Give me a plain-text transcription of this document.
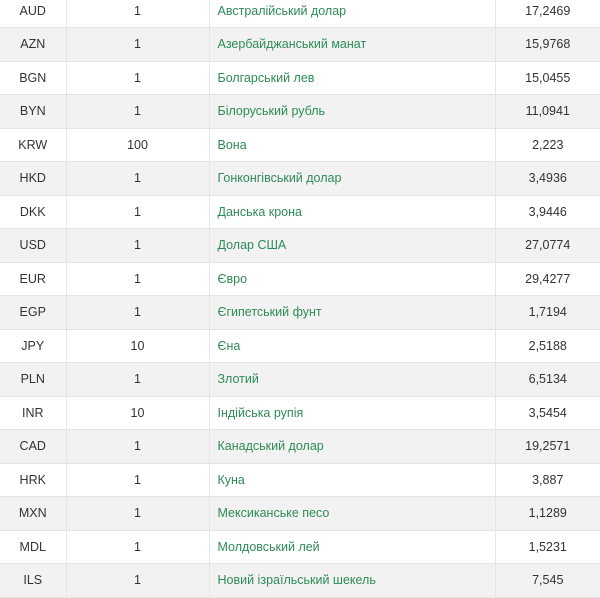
AUD	1	Австралійський долар	17,2469
AZN	1	Азербайджанський манат	15,9768
BGN	1	Болгарський лев	15,0455
BYN	1	Білоруський рубль	11,0941
KRW	100	Вона	2,223
HKD	1	Гонконгівський долар	3,4936
DKK	1	Данська крона	3,9446
USD	1	Долар США	27,0774
EUR	1	Євро	29,4277
EGP	1	Єгипетський фунт	1,7194
JPY	10	Єна	2,5188
PLN	1	Злотий	6,5134
INR	10	Індійська рупія	3,5454
CAD	1	Канадський долар	19,2571
HRK	1	Куна	3,887
MXN	1	Мексиканське песо	1,1289
MDL	1	Молдовський лей	1,5231
ILS	1	Новий ізраїльський шекель	7,545
